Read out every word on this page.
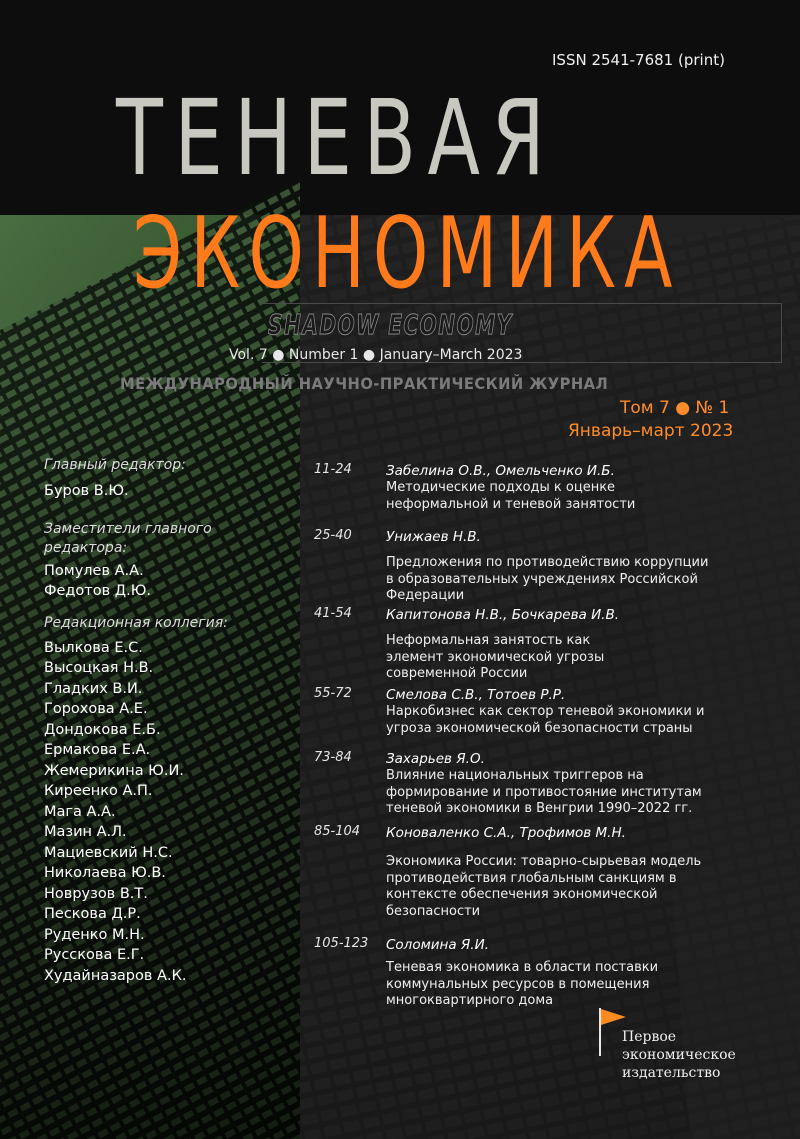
ISSN 2541-7681 (print)
ТЕНЕВАЯ
ЭКОНОМИКА
SHADOW ECONOMY
Vol. 7 ● Number 1 ● January–March 2023
МЕЖДУНАРОДНЫЙ НАУЧНО-ПРАКТИЧЕСКИЙ ЖУРНАЛ
Том 7 ● № 1
Январь–март 2023
Главный редактор:
Буров В.Ю.
Заместители главного редактора:
Помулев А.А.
Федотов Д.Ю.
Редакционная коллегия:
Вылкова Е.С.
Высоцкая Н.В.
Гладких В.И.
Горохова А.Е.
Дондокова Е.Б.
Ермакова Е.А.
Жемерикина Ю.И.
Киреенко А.П.
Мага А.А.
Мазин А.Л.
Мациевский Н.С.
Николаева Ю.В.
Новрузов В.Т.
Пескова Д.Р.
Руденко М.Н.
Русскова Е.Г.
Худайназаров А.К.
11-24	Забелина О.В., Омельченко И.Б.
Методические подходы к оценке неформальной и теневой занятости
25-40	Унижаев Н.В.
Предложения по противодействию коррупции в образовательных учреждениях Российской Федерации
41-54	Капитонова Н.В., Бочкарева И.В.
Неформальная занятость как элемент экономической угрозы современной России
55-72	Смелова С.В., Тотоев Р.Р.
Наркобизнес как сектор теневой экономики и угроза экономической безопасности страны
73-84	Захарьев Я.О.
Влияние национальных триггеров на формирование и противостояние институтам теневой экономики в Венгрии 1990–2022 гг.
85-104 Коноваленко С.А., Трофимов М.Н.
Экономика России: товарно-сырьевая модель противодействия глобальным санкциям в контексте обеспечения экономической безопасности
105-123 Соломина Я.И.
Теневая экономика в области поставки коммунальных ресурсов в помещения многоквартирного дома
Первое
экономическое
издательство
